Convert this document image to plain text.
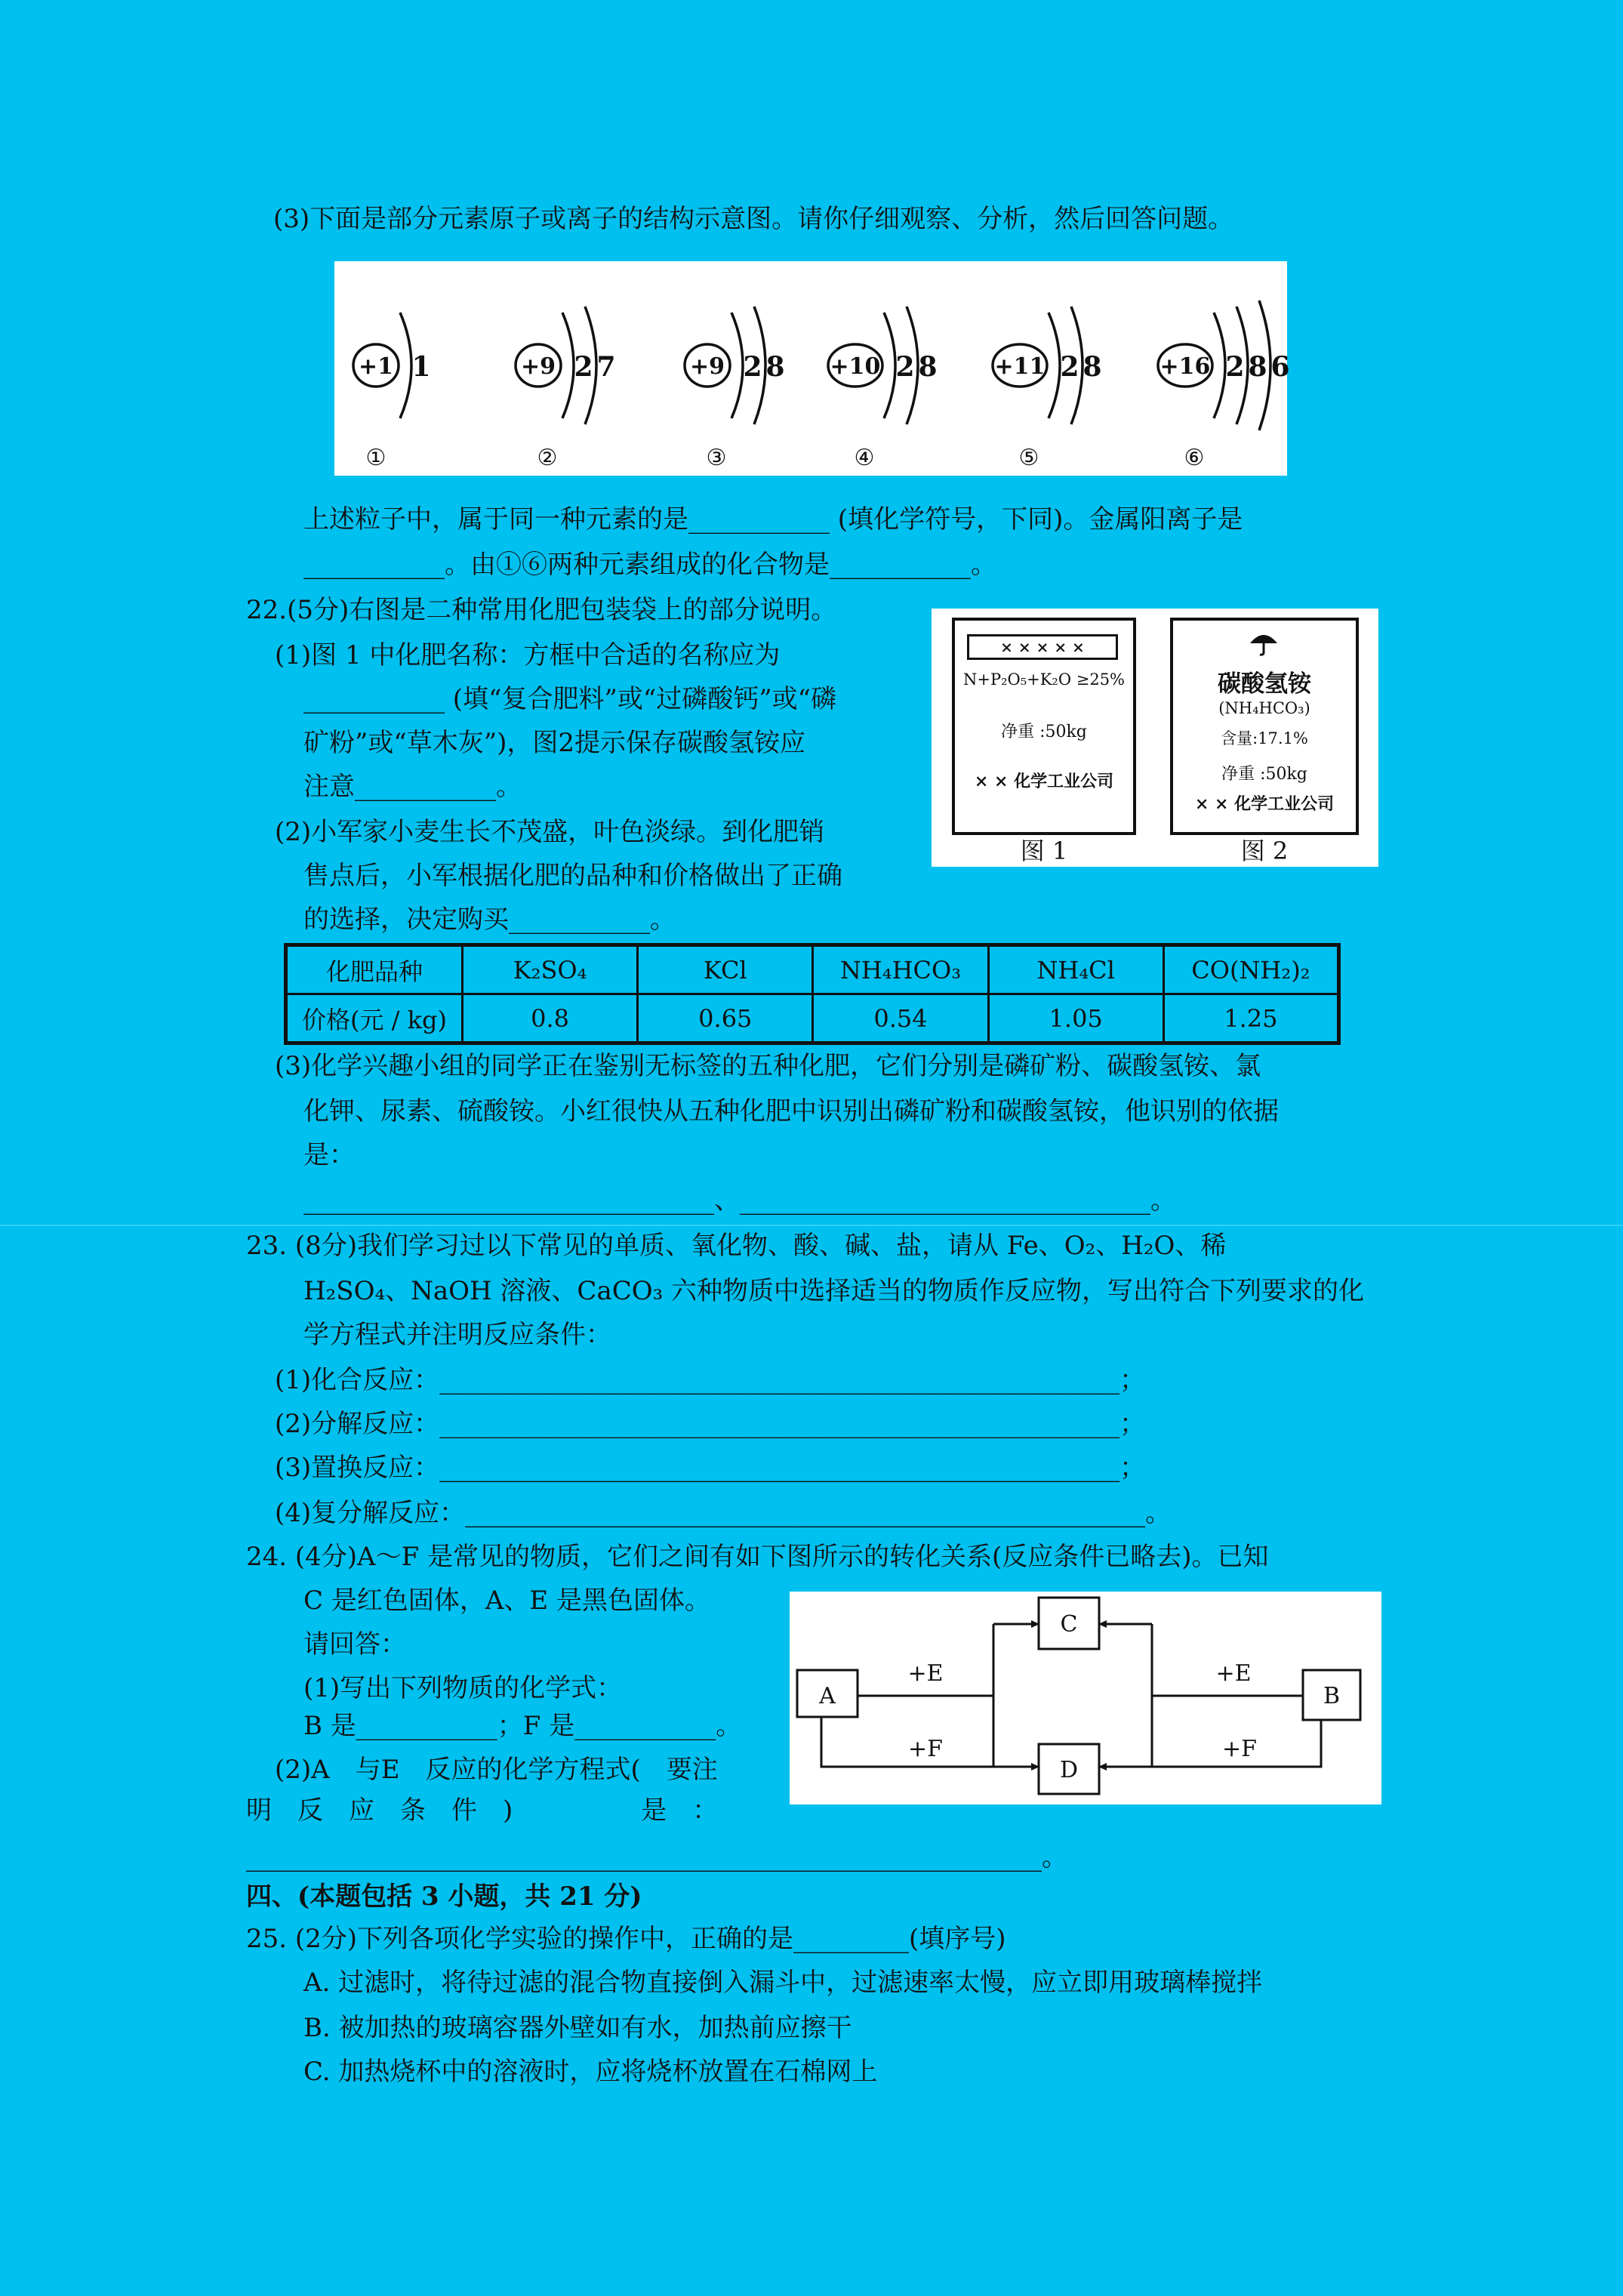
(3)下面是部分元素原子或离子的结构示意图。请你仔细观察、分析，然后回答问题。
+1 1
①
+9 2 7
②
+9 2 8
③
+10 2 8
④
+11 2 8
⑤
+16 2 8 6
⑥
上述粒子中，属于同一种元素的是___________ (填化学符号，下同)。金属阳离子是
___________。由①⑥两种元素组成的化合物是___________。
22.(5分)右图是二种常用化肥包装袋上的部分说明。
(1)图 1 中化肥名称：方框中合适的名称应为
___________ (填“复合肥料”或“过磷酸钙”或“磷
矿粉”或“草木灰”)，图2提示保存碳酸氢铵应
注意___________。
(2)小军家小麦生长不茂盛，叶色淡绿。到化肥销
售点后，小军根据化肥的品种和价格做出了正确
的选择，决定购买___________。
× × × × ×
N+P₂O₅+K₂O ≥25%
净重 :50kg
× × 化学工业公司
图 1
碳酸氢铵
(NH₄HCO₃)
含量:17.1%
净重 :50kg
× × 化学工业公司
图 2
化肥品种	K₂SO₄	KCl	NH₄HCO₃	NH₄Cl	CO(NH₂)₂
价格(元 / kg)	0.8	0.65	0.54	1.05	1.25
(3)化学兴趣小组的同学正在鉴别无标签的五种化肥，它们分别是磷矿粉、碳酸氢铵、氯
化钾、尿素、硫酸铵。小红很快从五种化肥中识别出磷矿粉和碳酸氢铵，他识别的依据
是：
________________________________、________________________________。
23. (8分)我们学习过以下常见的单质、氧化物、酸、碱、盐，请从 Fe、O₂、H₂O、稀
H₂SO₄、NaOH 溶液、CaCO₃ 六种物质中选择适当的物质作反应物，写出符合下列要求的化
学方程式并注明反应条件：
(1)化合反应：_____________________________________________________；
(2)分解反应：_____________________________________________________；
(3)置换反应：_____________________________________________________；
(4)复分解反应：_____________________________________________________。
24. (4分)A～F 是常见的物质，它们之间有如下图所示的转化关系(反应条件已略去)。已知
C 是红色固体，A、E 是黑色固体。
请回答：
(1)写出下列物质的化学式：
B 是___________；F 是___________。
(2)A　与E　反应的化学方程式(　要注
明　反　应　条　件　)　　　　　是　：
______________________________________________________________。
A	B
C
D
+E	+E
+F	+F
四、(本题包括 3 小题，共 21 分)
25. (2分)下列各项化学实验的操作中，正确的是_________(填序号)
A. 过滤时，将待过滤的混合物直接倒入漏斗中，过滤速率太慢，应立即用玻璃棒搅拌
B. 被加热的玻璃容器外壁如有水，加热前应擦干
C. 加热烧杯中的溶液时，应将烧杯放置在石棉网上
